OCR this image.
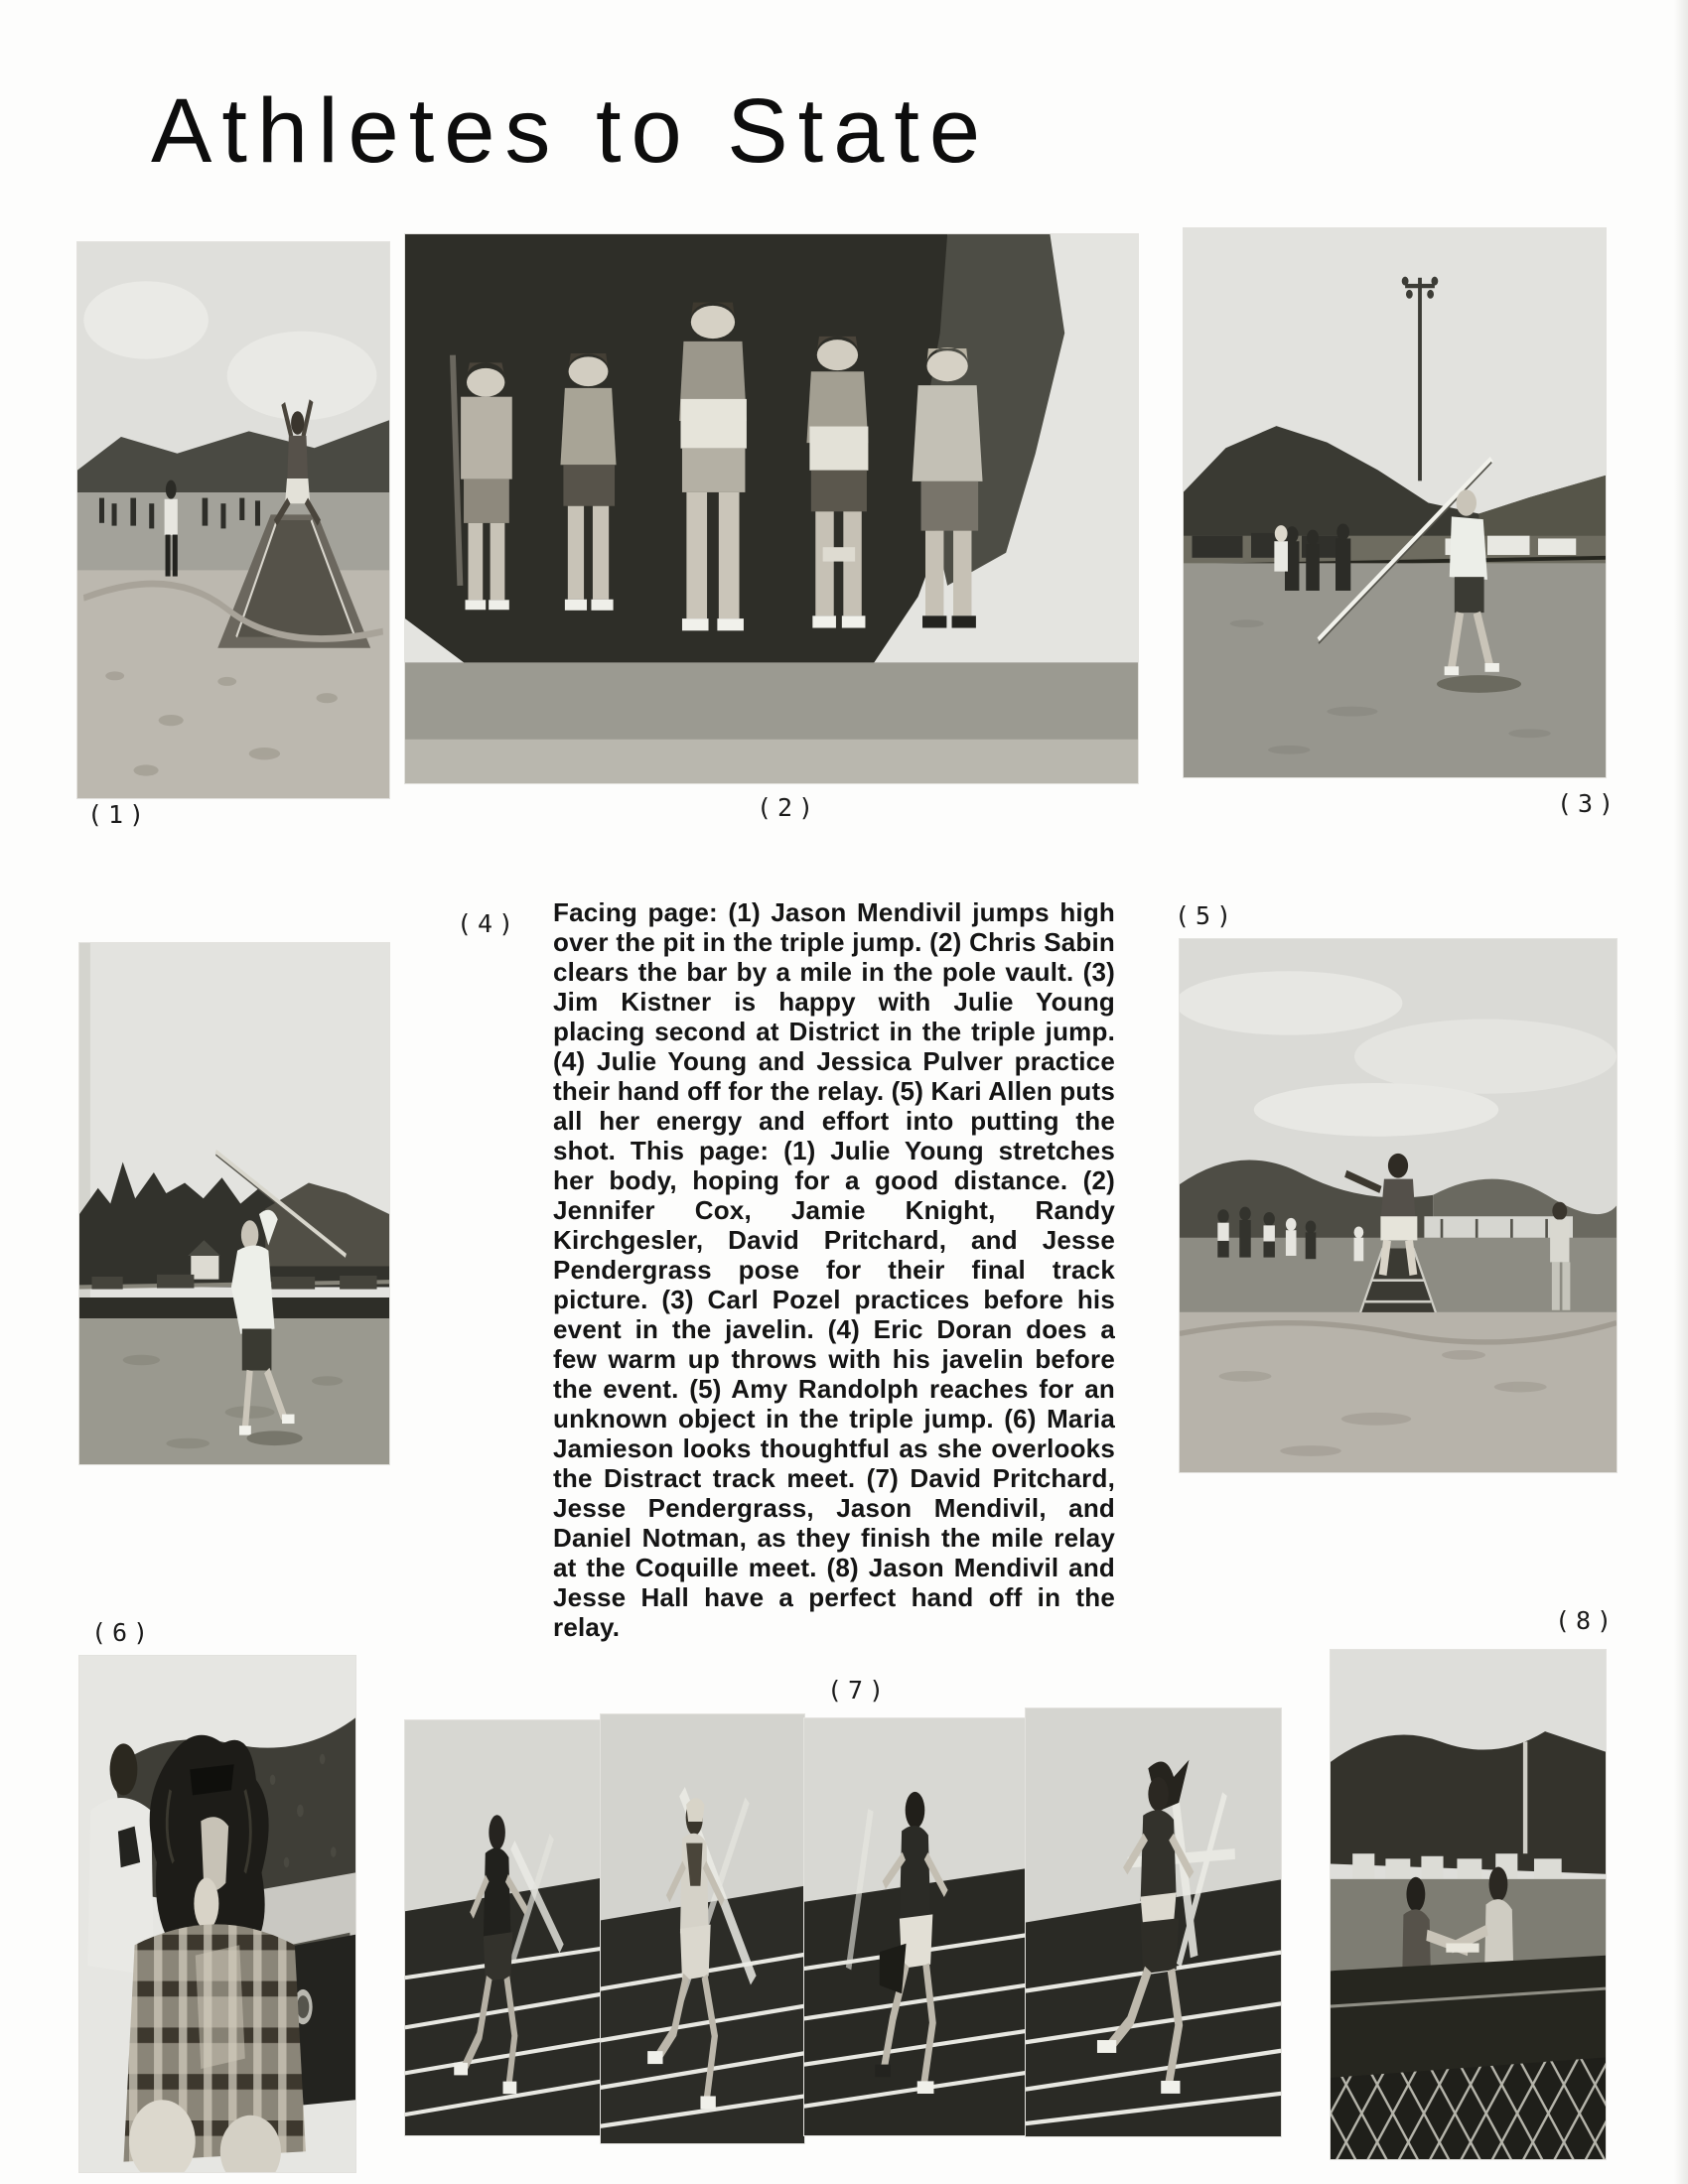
Athletes to State
(1)	(2)	(3)
(4)	(5)

Facing page: (1) Jason Mendivil jumps high over the pit in the triple jump. (2) Chris Sabin clears the bar by a mile in the pole vault. (3) Jim Kistner is happy with Julie Young placing second at District in the triple jump. (4) Julie Young and Jessica Pulver practice their hand off for the relay. (5) Kari Allen puts all her energy and effort into putting the shot. This page: (1) Julie Young stretches her body, hoping for a good distance. (2) Jennifer Cox, Jamie Knight, Randy Kirchgesler, David Pritchard, and Jesse Pendergrass pose for their final track picture. (3) Carl Pozel practices before his event in the javelin. (4) Eric Doran does a few warm up throws with his javelin before the event. (5) Amy Randolph reaches for an unknown object in the triple jump. (6) Maria Jamieson looks thoughtful as she overlooks the Distract track meet. (7) David Pritchard, Jesse Pendergrass, Jason Mendivil, and Daniel Notman, as they finish the mile relay at the Coquille meet. (8) Jason Mendivil and Jesse Hall have a perfect hand off in the relay.

(6)
(7)
(8)
